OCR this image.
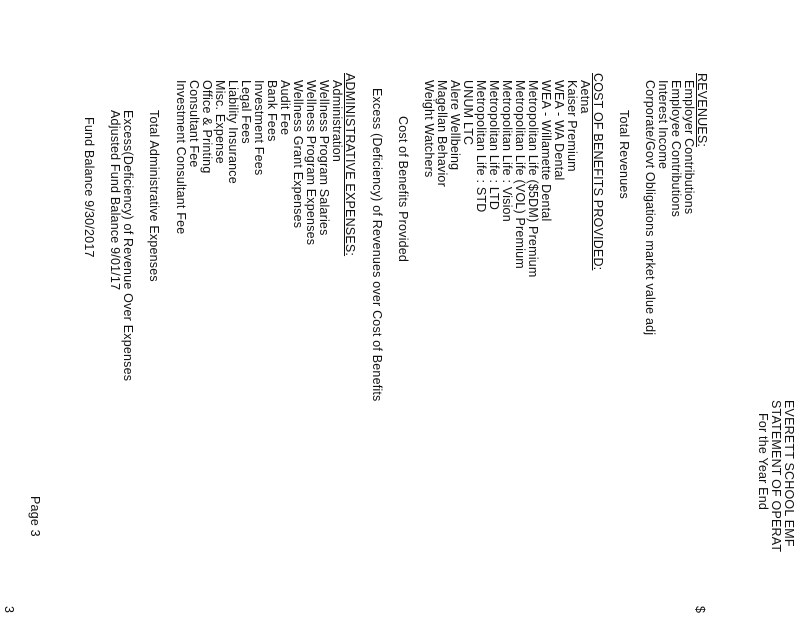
EVERETT SCHOOL EMF
STATEMENT OF OPERAT
For the Year End
$
REVENUES:
Employer Contributions
Employee Contributions
Interest Income
Corporate/Govt Obligations market value adj
Total Revenues
COST OF BENEFITS PROVIDED:
Aetna
Kaiser Premium
WEA - WA Dental
WEA - Willamette Dental
Metropolitan Life ($5DM) Premium
Metropolitan Life (VOL) Premium
Metropolitan Life : Vision
Metropolitan Life : LTD
Metropolitan Life : STD
UNUM LTC
Alere Wellbeing
Magellan Behavior
Weight Watchers
Cost of Benefits Provided
Excess (Deficiency) of Revenues over Cost of Benefits
ADMINISTRATIVE EXPENSES:
Administration
Wellness Program Salaries
Wellness Program Expenses
Wellness Grant Expenses
Audit Fee
Bank Fees
Investment Fees
Legal Fees
Liability Insurance
Misc. Expense
Office & Printing
Consultant Fee
Investment Consultant Fee
Total Administrative Expenses
Excess(Deficiency) of Revenue Over Expenses
Adjusted Fund Balance 9/01/17
Fund Balance 9/30/2017
Page 3
3
